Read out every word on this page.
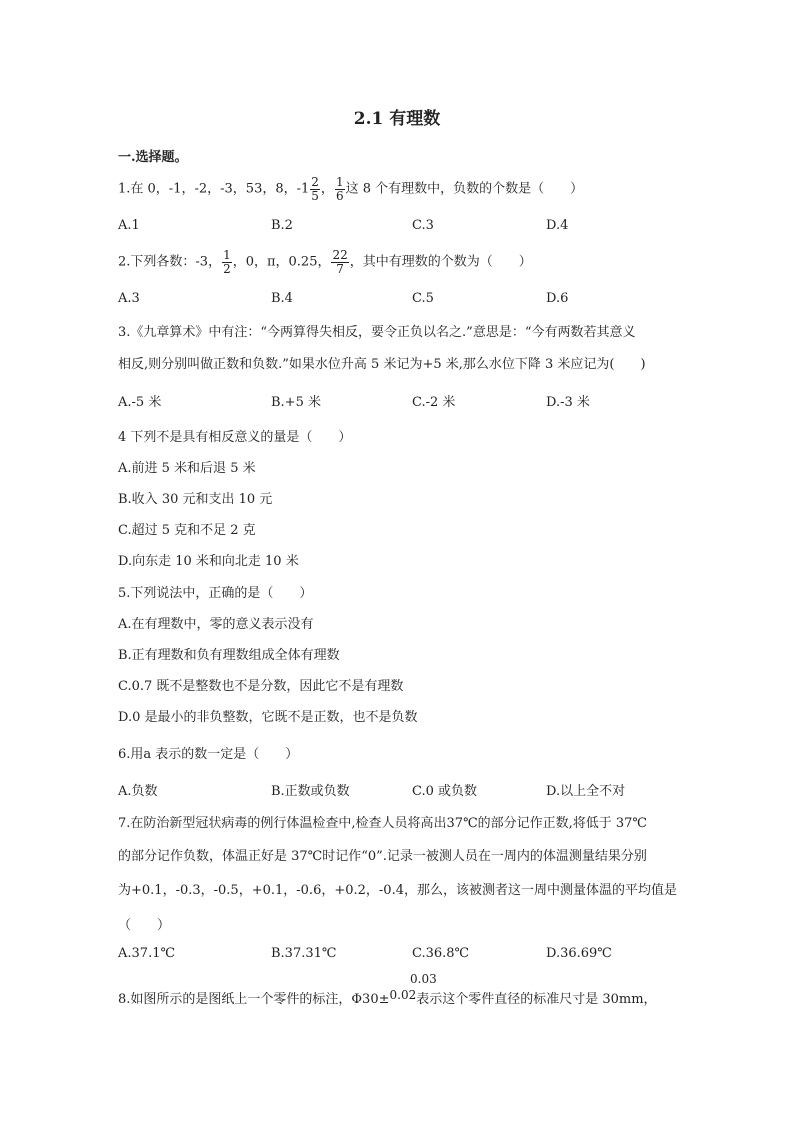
2.1 有理数
一.选择题。
1.在 0，-1，-2，-3，53，8，$-1 \frac{2}{5}$ ， $\frac{1}{6}$ 这 8 个有理数中，负数的个数是（　　）
A.1	B.2	C.3	D.4
2.下列各数：-3， $\frac{1}{2}$ ，0，π，0.25， $\frac{22}{7}$ ，其中有理数的个数为（　　）
A.3	B.4	C.5	D.6
3.《九章算术》中有注：“今两算得失相反，要令正负以名之.”意思是：“今有两数若其意义
相反,则分别叫做正数和负数.”如果水位升高 5 米记为+5 米,那么水位下降 3 米应记为(　　)
A.-5 米	B.+5 米	C.-2 米	D.-3 米
4 下列不是具有相反意义的量是（　　）
A.前进 5 米和后退 5 米
B.收入 30 元和支出 10 元
C.超过 5 克和不足 2 克
D.向东走 10 米和向北走 10 米
5.下列说法中，正确的是（　　）
A.在有理数中，零的意义表示没有
B.正有理数和负有理数组成全体有理数
C.0.7 既不是整数也不是分数，因此它不是有理数
D.0 是最小的非负整数，它既不是正数，也不是负数
6.用a 表示的数一定是（　　）
A.负数	B.正数或负数	C.0 或负数	D.以上全不对
7.在防治新型冠状病毒的例行体温检查中,检查人员将高出37℃的部分记作正数,将低于 37℃
的部分记作负数，体温正好是 37℃时记作“0”.记录一被测人员在一周内的体温测量结果分别
为+0.1，-0.3，-0.5，+0.1，-0.6，+0.2，-0.4，那么，该被测者这一周中测量体温的平均值是
（　　）
A.37.1℃	B.37.31℃	C.36.8℃	D.36.69℃
0.03
8.如图所示的是图纸上一个零件的标注，Φ30±0.02表示这个零件直径的标准尺寸是 30mm，
